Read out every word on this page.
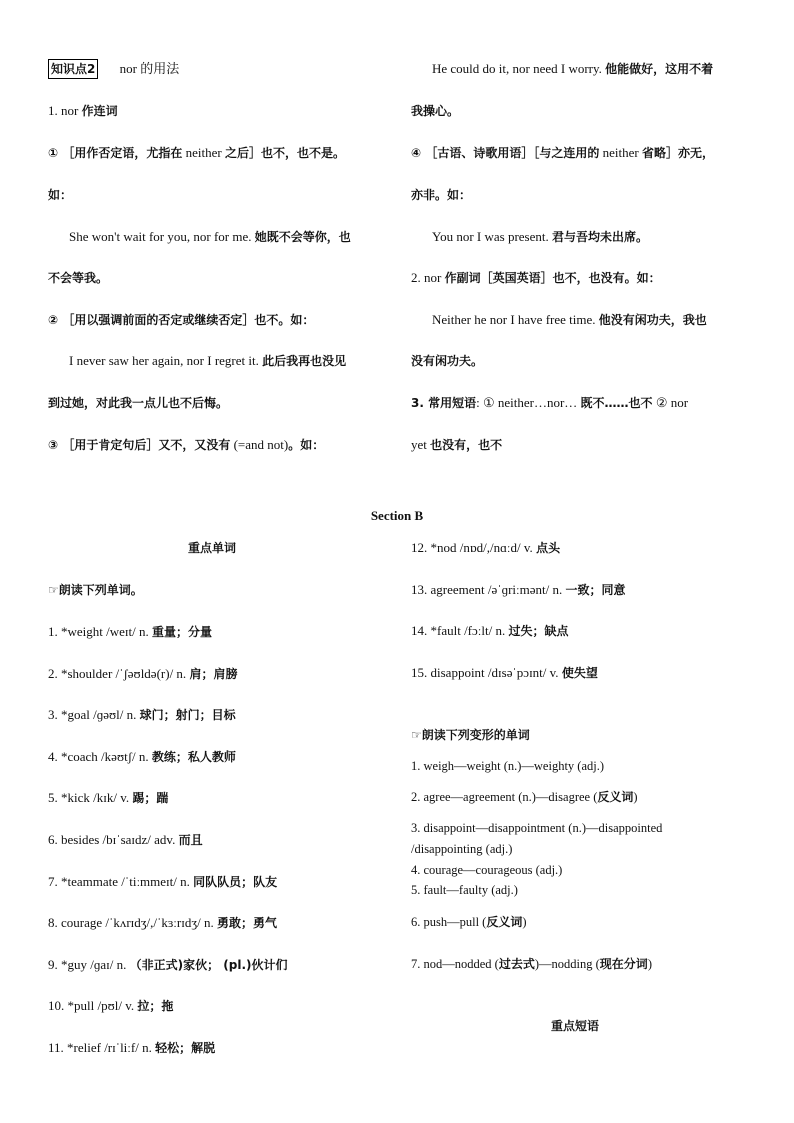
知识点2 nor 的用法
1. nor 作连词
① ［用作否定语，尤指在 neither 之后］也不，也不是。
如：
She won't wait for you, nor for me. 她既不会等你，也
不会等我。
② ［用以强调前面的否定或继续否定］也不。如：
I never saw her again, nor I regret it. 此后我再也没见
到过她，对此我一点儿也不后悔。
③ ［用于肯定句后］又不，又没有 (=and not)。如：
He could do it, nor need I worry. 他能做好，这用不着
我操心。
④ ［古语、诗歌用语］［与之连用的 neither 省略］亦无，
亦非。如：
You nor I was present. 君与吾均未出席。
2. nor 作副词［英国英语］也不，也没有。如：
Neither he nor I have free time. 他没有闲功夫，我也
没有闲功夫。
3. 常用短语: ① neither…nor… 既不……也不 ② nor
yet 也没有，也不
Section B
重点单词
☞朗读下列单词。
1. *weight /weɪt/ n. 重量；分量
2. *shoulder /ˈʃəʊldə(r)/ n. 肩；肩膀
3. *goal /ɡəʊl/ n. 球门；射门；目标
4. *coach /kəʊtʃ/ n. 教练；私人教师
5. *kick /kɪk/ v. 踢；踹
6. besides /bɪˈsaɪdz/ adv. 而且
7. *teammate /ˈtiːmmeɪt/ n. 同队队员；队友
8. courage /ˈkʌrɪdʒ/,/ˈkɜːrɪdʒ/ n. 勇敢；勇气
9. *guy /ɡaɪ/ n. （非正式)家伙； (pl.)伙计们
10. *pull /pʊl/ v. 拉；拖
11. *relief /rɪˈliːf/ n. 轻松；解脱
12. *nod /nɒd/,/nɑːd/ v. 点头
13. agreement /əˈɡriːmənt/ n. 一致；同意
14. *fault /fɔːlt/ n. 过失；缺点
15. disappoint /dɪsəˈpɔɪnt/ v. 使失望
☞朗读下列变形的单词
1. weigh—weight (n.)—weighty (adj.)
2. agree—agreement (n.)—disagree (反义词)
3. disappoint—disappointment (n.)—disappointed
/disappointing (adj.)
4. courage—courageous (adj.)
5. fault—faulty (adj.)
6. push—pull (反义词)
7. nod—nodded (过去式)—nodding (现在分词)
重点短语
